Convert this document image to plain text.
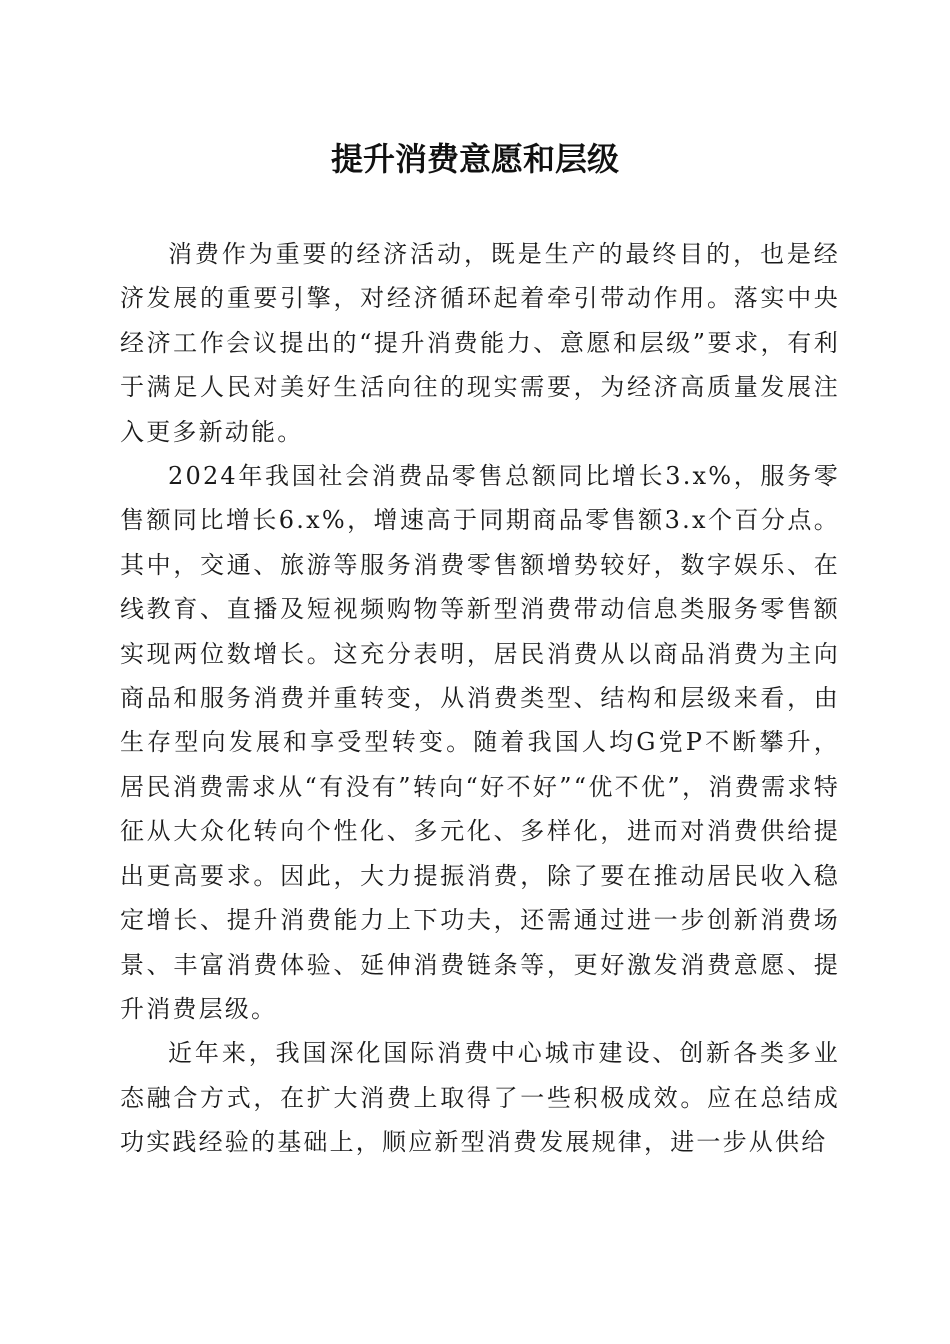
提升消费意愿和层级

消费作为重要的经济活动，既是生产的最终目的，也是经济发展的重要引擎，对经济循环起着牵引带动作用。落实中央经济工作会议提出的“提升消费能力、意愿和层级”要求，有利于满足人民对美好生活向往的现实需要，为经济高质量发展注入更多新动能。

2024年我国社会消费品零售总额同比增长3.x%，服务零售额同比增长6.x%，增速高于同期商品零售额3.x个百分点。其中，交通、旅游等服务消费零售额增势较好，数字娱乐、在线教育、直播及短视频购物等新型消费带动信息类服务零售额实现两位数增长。这充分表明，居民消费从以商品消费为主向商品和服务消费并重转变，从消费类型、结构和层级来看，由生存型向发展和享受型转变。随着我国人均G党P不断攀升，居民消费需求从“有没有”转向“好不好”“优不优”，消费需求特征从大众化转向个性化、多元化、多样化，进而对消费供给提出更高要求。因此，大力提振消费，除了要在推动居民收入稳定增长、提升消费能力上下功夫，还需通过进一步创新消费场景、丰富消费体验、延伸消费链条等，更好激发消费意愿、提升消费层级。

近年来，我国深化国际消费中心城市建设、创新各类多业态融合方式，在扩大消费上取得了一些积极成效。应在总结成功实践经验的基础上，顺应新型消费发展规律，进一步从供给
